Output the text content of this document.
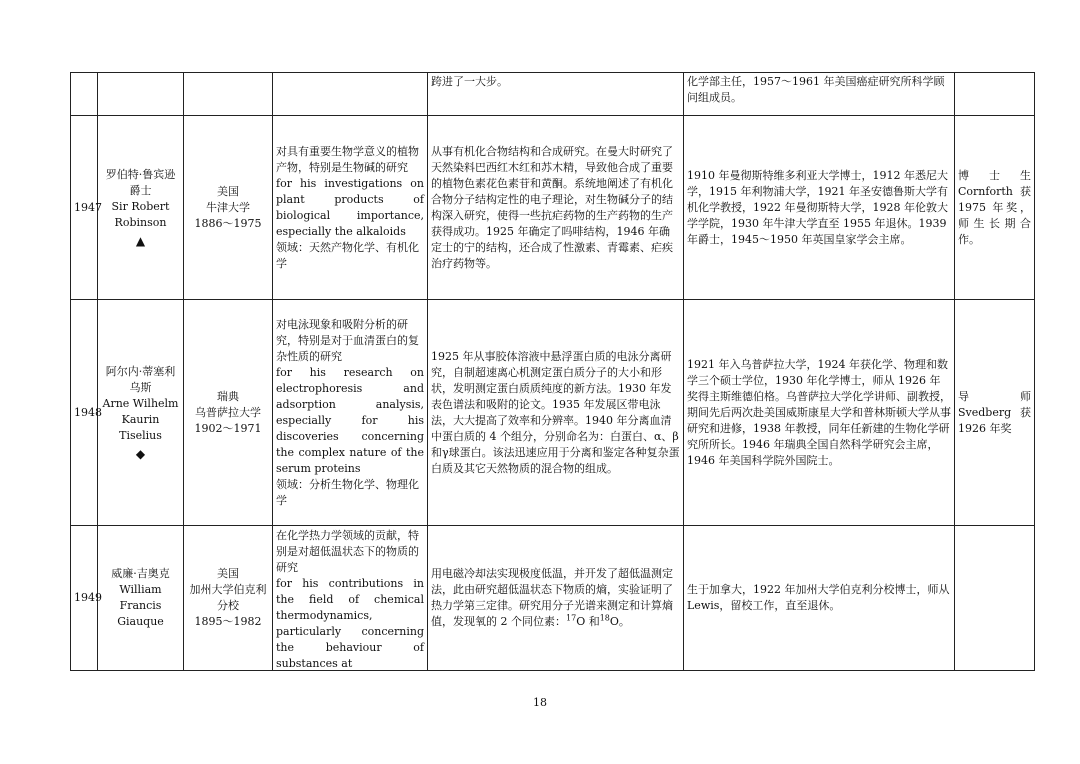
				跨进了一大步。	化学部主任，1957～1961 年美国癌症研究所科学顾问组成员。	
1947	罗伯特·鲁宾逊爵士
Sir Robert Robinson
▲	美国
牛津大学
1886～1975	对具有重要生物学意义的植物产物，特别是生物碱的研究
for his investigations on plant products of biological importance, especially the alkaloids
领域：天然产物化学、有机化学	从事有机化合物结构和合成研究。在曼大时研究了天然染料巴西红木红和苏木精，导致他合成了重要的植物色素花色素苷和黄酮。系统地阐述了有机化合物分子结构定性的电子理论，对生物碱分子的结构深入研究，使得一些抗疟药物的生产药物的生产获得成功。1925 年确定了吗啡结构，1946 年确定士的宁的结构，还合成了性激素、青霉素、疟疾治疗药物等。	1910 年曼彻斯特维多利亚大学博士，1912 年悉尼大学，1915 年利物浦大学，1921 年圣安德鲁斯大学有机化学教授，1922 年曼彻斯特大学，1928 年伦敦大学学院，1930 年牛津大学直至 1955 年退休。1939 年爵士，1945～1950 年英国皇家学会主席。	博 士 生 Cornforth 获 1975 年奖，师生长期合作。
1948	阿尔内·蒂塞利乌斯
Arne Wilhelm Kaurin Tiselius
◆	瑞典
乌普萨拉大学
1902～1971	对电泳现象和吸附分析的研究，特别是对于血清蛋白的复杂性质的研究
for his research on electrophoresis and adsorption analysis, especially for his discoveries concerning the complex nature of the serum proteins
领域：分析生物化学、物理化学	1925 年从事胶体溶液中悬浮蛋白质的电泳分离研究，自制超速离心机测定蛋白质分子的大小和形状，发明测定蛋白质质纯度的新方法。1930 年发表色谱法和吸附的论文。1935 年发展区带电泳法，大大提高了效率和分辨率。1940 年分离血清中蛋白质的 4 个组分，分别命名为：白蛋白、α、β和γ球蛋白。该法迅速应用于分离和鉴定各种复杂蛋白质及其它天然物质的混合物的组成。	1921 年入乌普萨拉大学，1924 年获化学、物理和数学三个硕士学位，1930 年化学博士，师从 1926 年奖得主斯维德伯格。乌普萨拉大学化学讲师、副教授，期间先后两次赴美国威斯康星大学和普林斯顿大学从事研究和进修，1938 年教授，同年任新建的生物化学研究所所长。1946 年瑞典全国自然科学研究会主席，1946 年美国科学院外国院士。	导 师 Svedberg 获 1926 年奖
1949	威廉·吉奥克
William Francis Giauque	美国
加州大学伯克利分校
1895～1982	在化学热力学领域的贡献，特别是对超低温状态下的物质的研究
for his contributions in the field of chemical thermodynamics, particularly concerning the behaviour of substances at	用电磁冷却法实现极度低温，并开发了超低温测定法，此由研究超低温状态下物质的熵，实验证明了热力学第三定律。研究用分子光谱来测定和计算熵值，发现氧的 2 个同位素：$^{17}$O 和$^{18}$O。	生于加拿大，1922 年加州大学伯克利分校博士，师从 Lewis，留校工作，直至退休。	
18
